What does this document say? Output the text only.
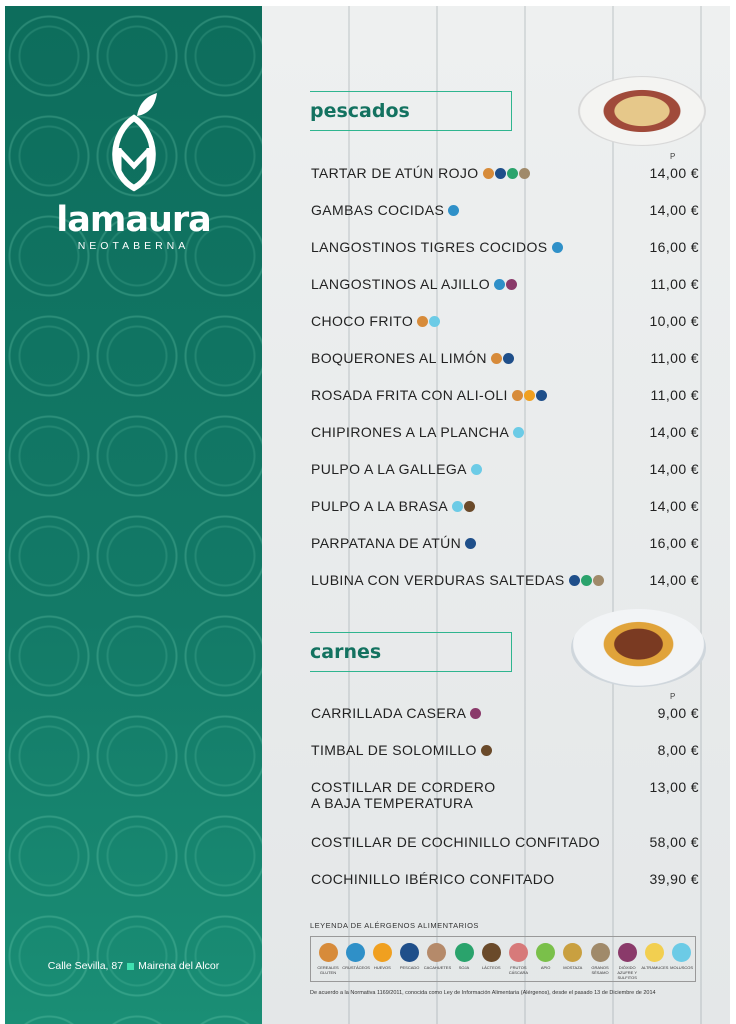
lamaura
NEOTABERNA
Calle Sevilla, 87 Mairena del Alcor
pescados
P
TARTAR DE ATÚN ROJO	14,00 €
GAMBAS COCIDAS	14,00 €
LANGOSTINOS TIGRES COCIDOS	16,00 €
LANGOSTINOS AL AJILLO	11,00 €
CHOCO FRITO	10,00 €
BOQUERONES AL LIMÓN	11,00 €
ROSADA FRITA CON ALI-OLI	11,00 €
CHIPIRONES A LA PLANCHA	14,00 €
PULPO A LA GALLEGA	14,00 €
PULPO A LA BRASA	14,00 €
PARPATANA DE ATÚN	16,00 €
LUBINA CON VERDURAS SALTEDAS	14,00 €
carnes
P
CARRILLADA CASERA	9,00 €
TIMBAL DE SOLOMILLO	8,00 €
COSTILLAR DE CORDERO
A BAJA TEMPERATURA
13,00 €
COSTILLAR DE COCHINILLO CONFITADO	58,00 €
COCHINILLO IBÉRICO CONFITADO	39,90 €
LEYENDA DE ALÉRGENOS ALIMENTARIOS
CEREALES GLUTEN
CRUSTÁCEOS HUEVOS	PESCADO	CACAHUETES	SOJA	LÁCTEOS	FRUTOS CÁSCARA
APIO	MOSTAZA	GRANOS SÉSAMO
DIÓXIDO AZUFRE Y SULFITOS
ALTRAMUCES MOLUSCOS
De acuerdo a la Normativa 1169/2011, conocida como Ley de Información Alimentaria (Alérgenos), desde el pasado 13 de Diciembre de 2014
